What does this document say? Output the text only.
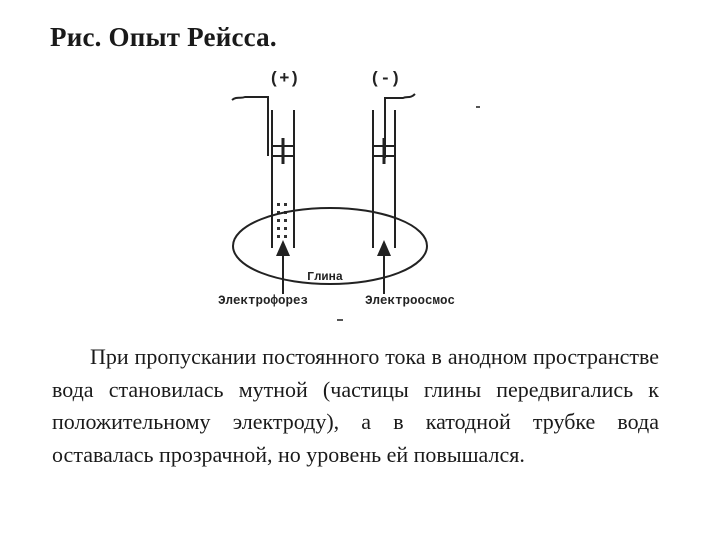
Рис. Опыт Рейсса.
(+)	(-)
Глина
Электрофорез	Электроосмос
При пропускании постоянного тока в анодном пространстве вода становилась мутной (частицы глины передвигались к положительному электроду), а в катодной трубке вода оставалась прозрачной, но уровень ей повышался.
